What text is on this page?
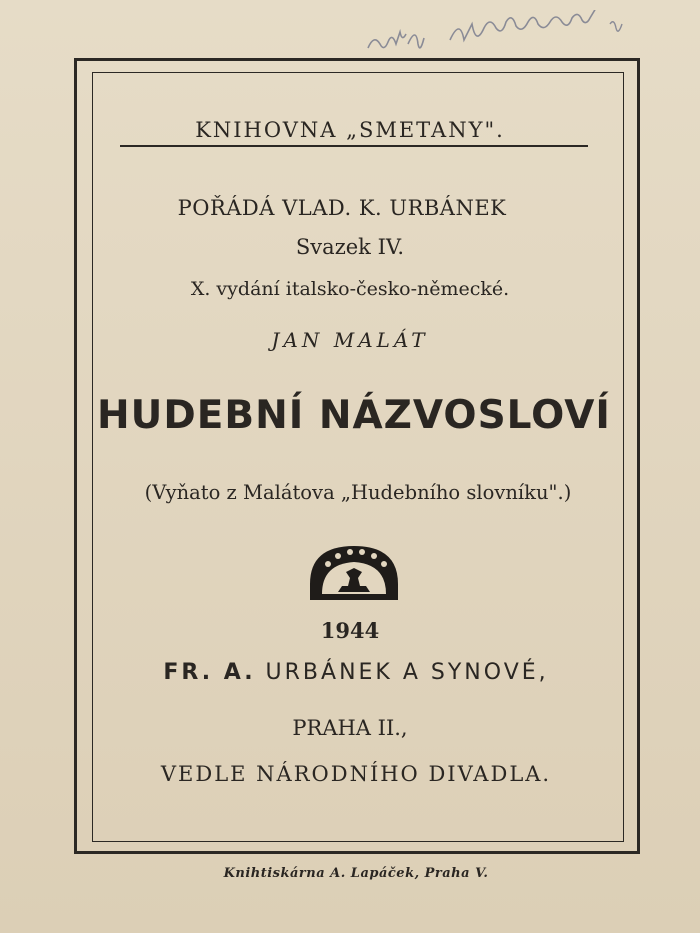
KNIHOVNA „SMETANY".
POŘÁDÁ VLAD. K. URBÁNEK
Svazek IV.
X. vydání italsko-česko-německé.
JAN MALÁT
HUDEBNÍ NÁZVOSLOVÍ
(Vyňato z Malátova „Hudebního slovníku".)
1944
FR. A. URBÁNEK A SYNOVÉ,
PRAHA II.,
VEDLE NÁRODNÍHO DIVADLA.
Knihtiskárna A. Lapáček, Praha V.
